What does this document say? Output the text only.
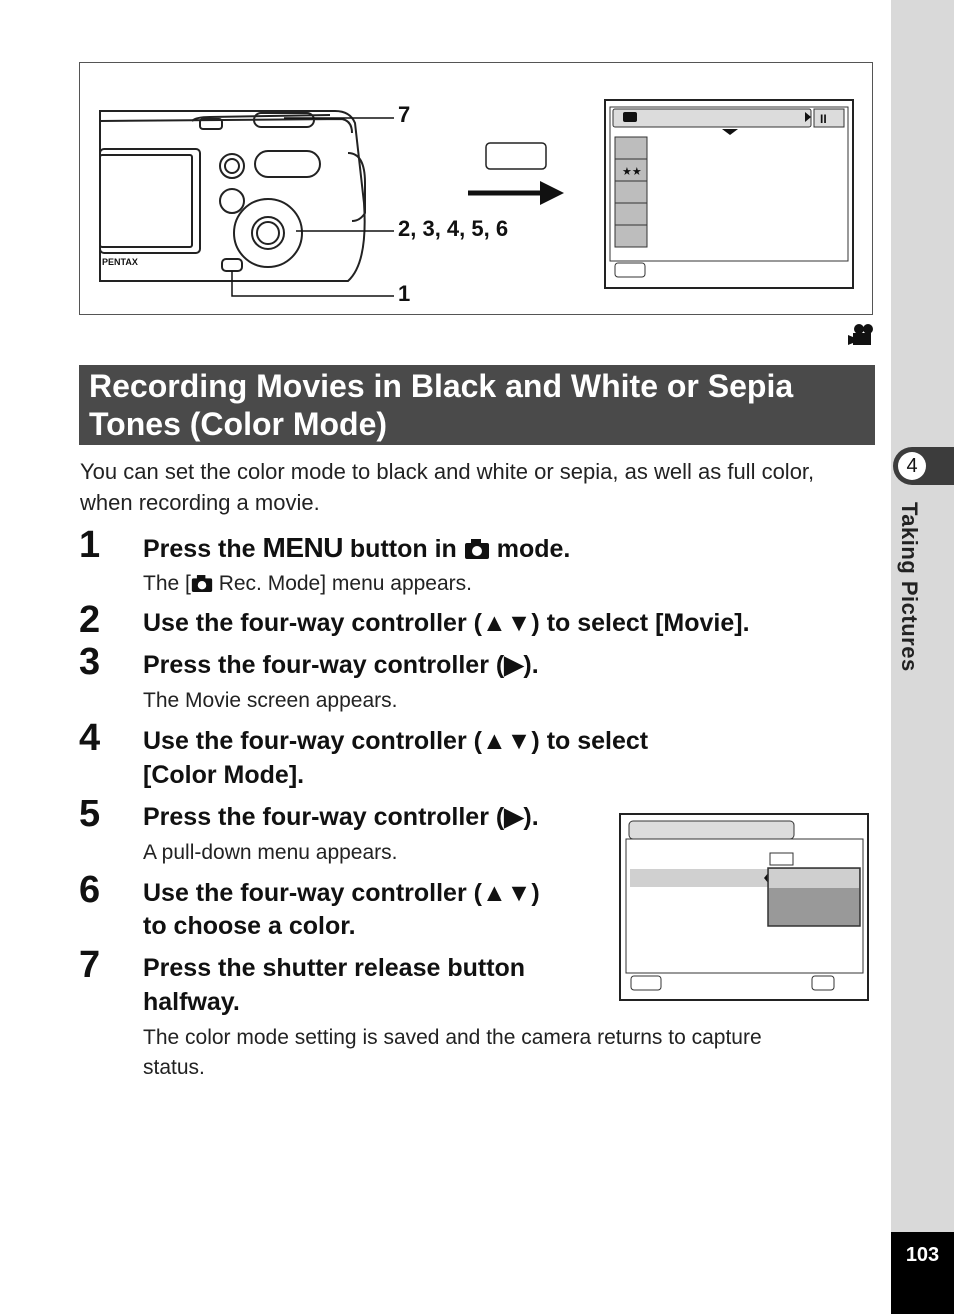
4
Taking Pictures
103
PENTAX
ӀӀ
★★
7
2, 3, 4, 5, 6
1
Recording Movies in Black and White or Sepia Tones (Color Mode)
You can set the color mode to black and white or sepia, as well as full color, when recording a movie.
1 Press the MENU button in  mode.
The [ Rec. Mode] menu appears.
2 Use the four-way controller (▲▼) to select [Movie].
3 Press the four-way controller (▶).
The Movie screen appears.
4 Use the four-way controller (▲▼) to select
[Color Mode].
5 Press the four-way controller (▶).
A pull-down menu appears.
6 Use the four-way controller (▲▼)
to choose a color.
7 Press the shutter release button
halfway.
The color mode setting is saved and the camera returns to capture
status.
